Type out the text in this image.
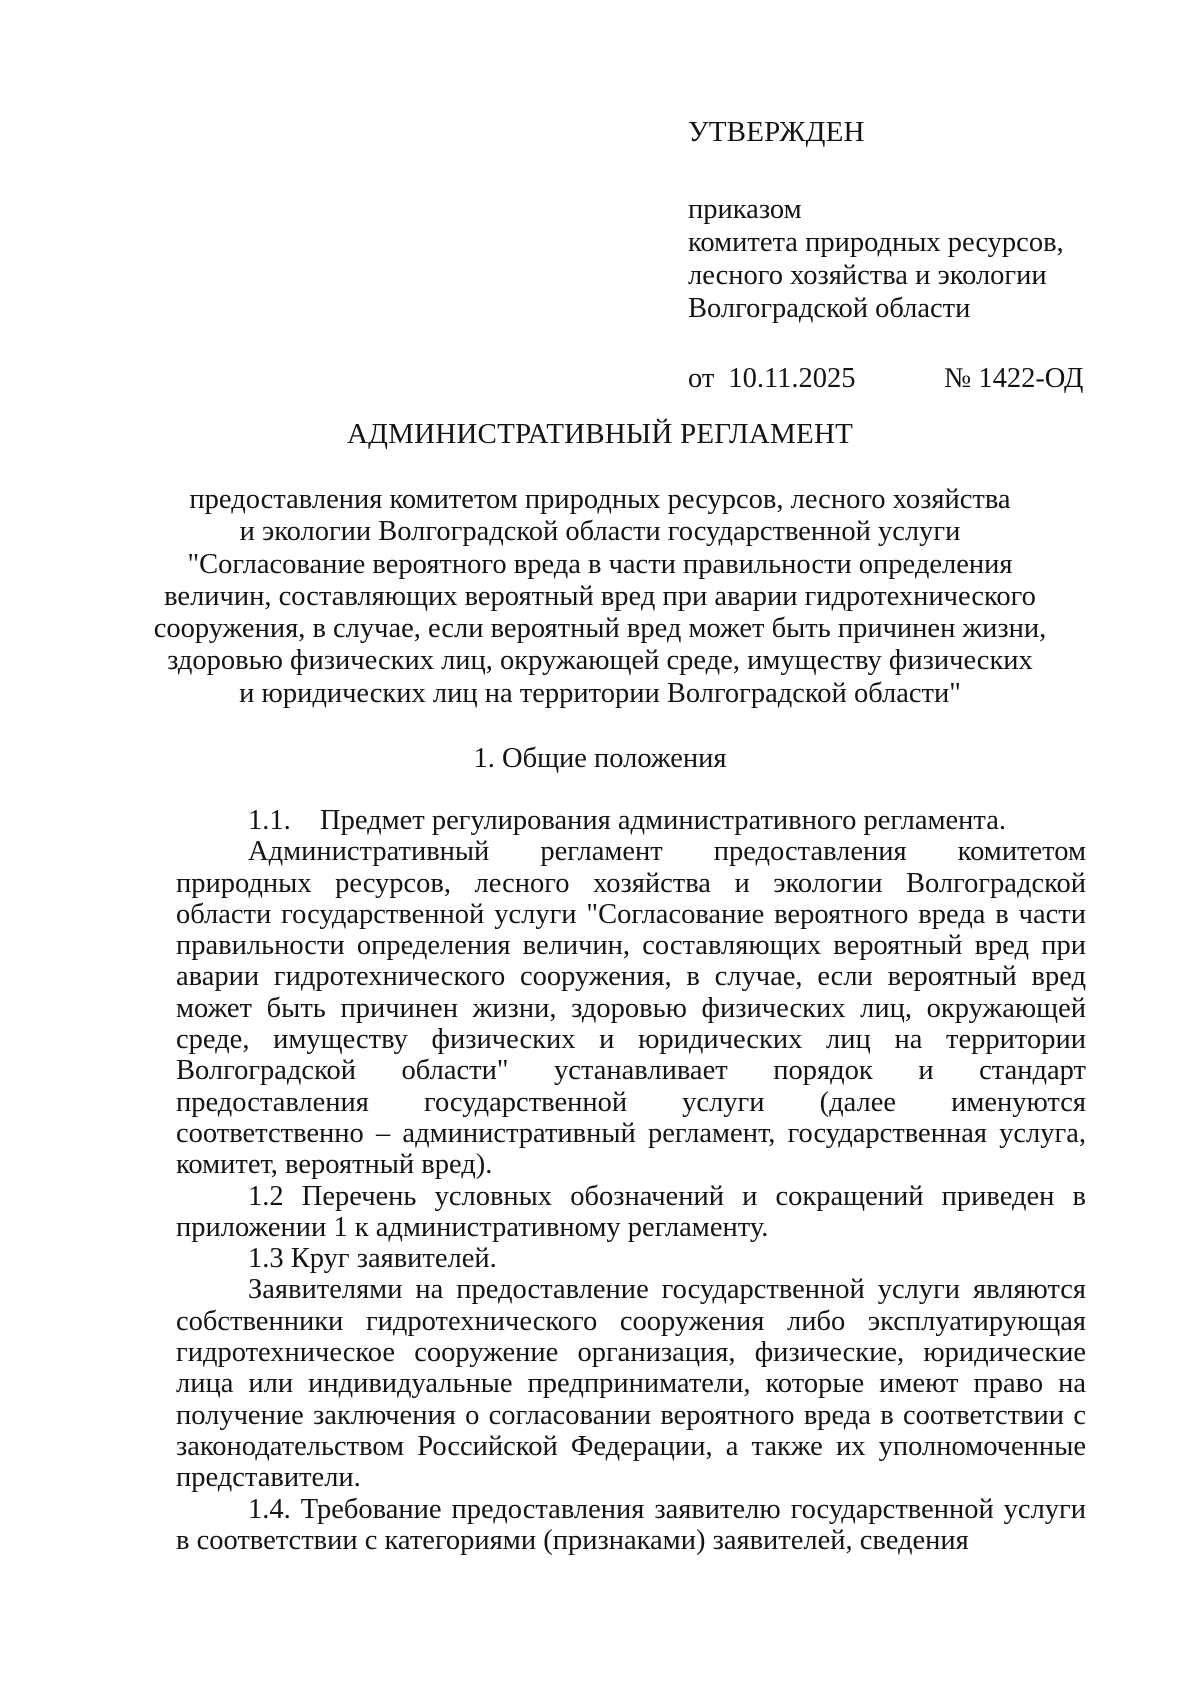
УТВЕРЖДЕН
приказом
комитета природных ресурсов,
лесного хозяйства и экологии
Волгоградской области
от 10.11.2025	№ 1422-ОД
АДМИНИСТРАТИВНЫЙ РЕГЛАМЕНТ
предоставления комитетом природных ресурсов, лесного хозяйства
и экологии Волгоградской области государственной услуги
"Согласование вероятного вреда в части правильности определения
величин, составляющих вероятный вред при аварии гидротехнического
сооружения, в случае, если вероятный вред может быть причинен жизни,
здоровью физических лиц, окружающей среде, имуществу физических
и юридических лиц на территории Волгоградской области"
1. Общие положения

1.1. Предмет регулирования административного регламента.

Административный регламент предоставления комитетом природных ресурсов, лесного хозяйства и экологии Волгоградской области государственной услуги "Согласование вероятного вреда в части правильности определения величин, составляющих вероятный вред при аварии гидротехнического сооружения, в случае, если вероятный вред может быть причинен жизни, здоровью физических лиц, окружающей среде, имуществу физических и юридических лиц на территории Волгоградской области" устанавливает порядок и стандарт предоставления государственной услуги (далее именуются соответственно – административный регламент, государственная услуга, комитет, вероятный вред).

1.2 Перечень условных обозначений и сокращений приведен в приложении 1 к административному регламенту.

1.3 Круг заявителей.

Заявителями на предоставление государственной услуги являются собственники гидротехнического сооружения либо эксплуатирующая гидротехническое сооружение организация, физические, юридические лица или индивидуальные предприниматели, которые имеют право на получение заключения о согласовании вероятного вреда в соответствии с законодательством Российской Федерации, а также их уполномоченные представители.

1.4. Требование предоставления заявителю государственной услуги в соответствии с категориями (признаками) заявителей, сведения
